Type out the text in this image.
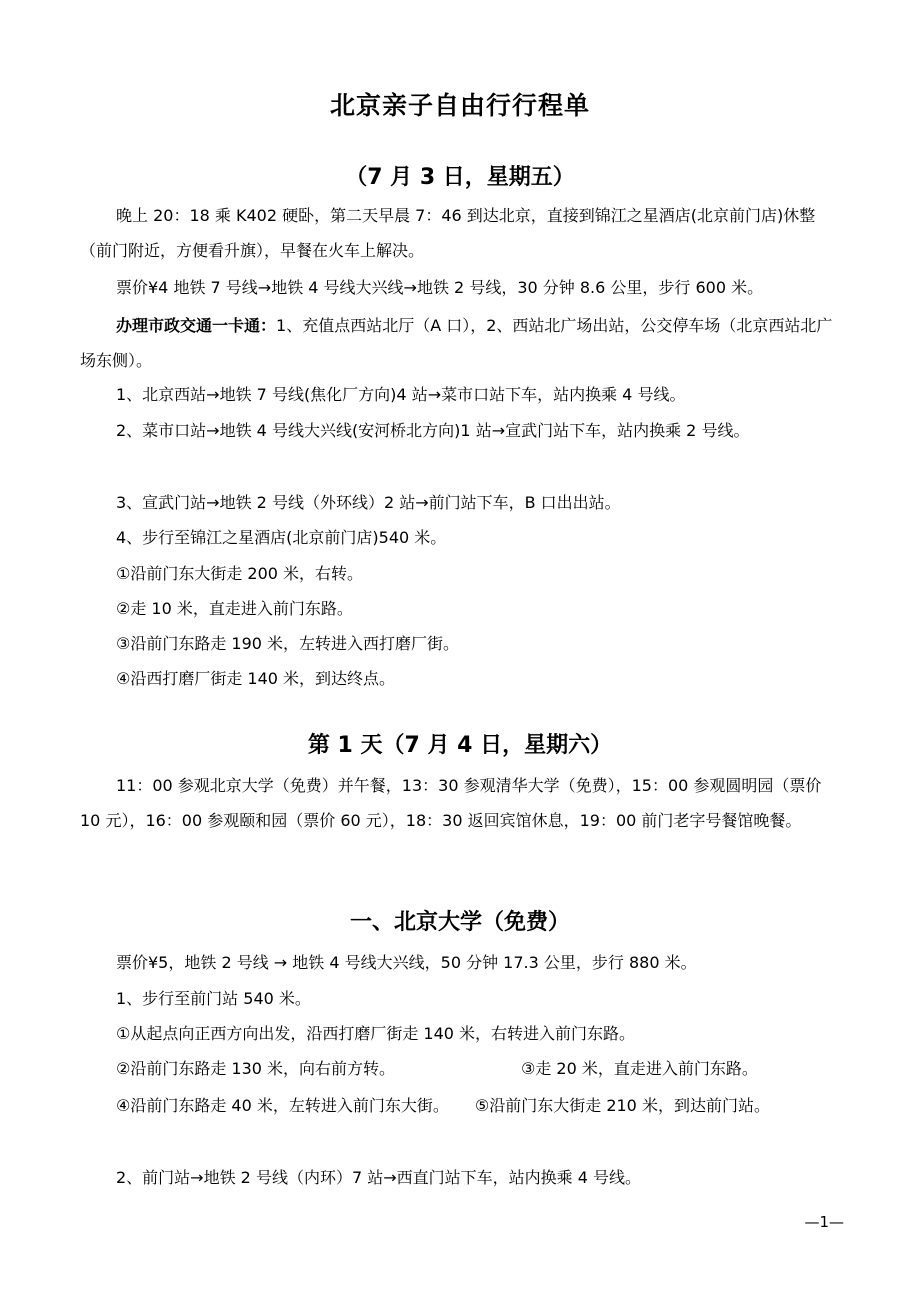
北京亲子自由行行程单
（7 月 3 日，星期五）

晚上 20：18 乘 K402 硬卧，第二天早晨 7：46 到达北京，直接到锦江之星酒店(北京前门店)休整（前门附近，方便看升旗），早餐在火车上解决。

票价¥4 地铁 7 号线→地铁 4 号线大兴线→地铁 2 号线，30 分钟 8.6 公里，步行 600 米。

办理市政交通一卡通：1、充值点西站北厅（A 口），2、西站北广场出站，公交停车场（北京西站北广场东侧）。

1、北京西站→地铁 7 号线(焦化厂方向)4 站→菜市口站下车，站内换乘 4 号线。
2、菜市口站→地铁 4 号线大兴线(安河桥北方向)1 站→宣武门站下车，站内换乘 2 号线。
3、宣武门站→地铁 2 号线（外环线）2 站→前门站下车，B 口出出站。
4、步行至锦江之星酒店(北京前门店)540 米。
①沿前门东大街走 200 米，右转。
②走 10 米，直走进入前门东路。
③沿前门东路走 190 米，左转进入西打磨厂街。
④沿西打磨厂街走 140 米，到达终点。
第 1 天（7 月 4 日，星期六）

11：00 参观北京大学（免费）并午餐，13：30 参观清华大学（免费），15：00 参观圆明园（票价 10 元），16：00 参观颐和园（票价 60 元），18：30 返回宾馆休息，19：00 前门老字号餐馆晚餐。

一、北京大学（免费）
票价¥5，地铁 2 号线 → 地铁 4 号线大兴线，50 分钟 17.3 公里，步行 880 米。
1、步行至前门站 540 米。
①从起点向正西方向出发，沿西打磨厂街走 140 米，右转进入前门东路。
②沿前门东路走 130 米，向右前方转。	③走 20 米，直走进入前门东路。

④沿前门东路走 40 米，左转进入前门东大街。 ⑤沿前门东大街走 210 米，到达前门站。

2、前门站→地铁 2 号线（内环）7 站→西直门站下车，站内换乘 4 号线。
—1—
